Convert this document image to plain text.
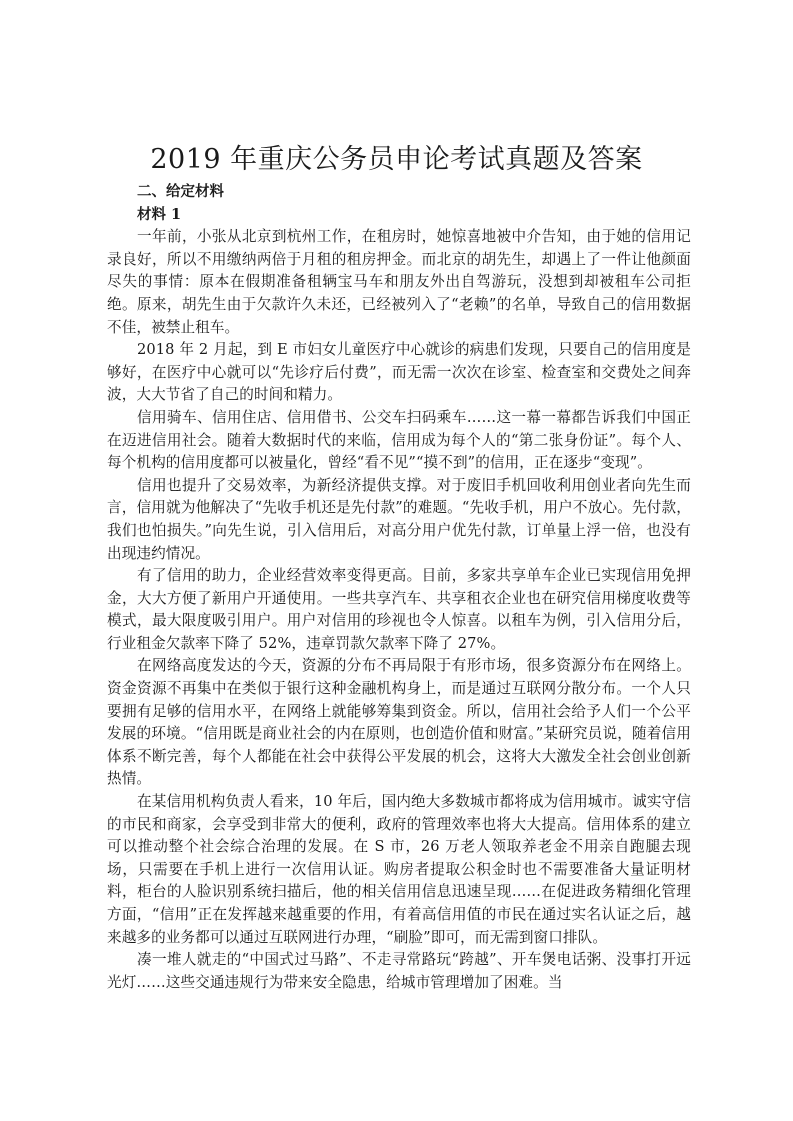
2019 年重庆公务员申论考试真题及答案

二、给定材料

材料 1

一年前，小张从北京到杭州工作，在租房时，她惊喜地被中介告知，由于她的信用记录良好，所以不用缴纳两倍于月租的租房押金。而北京的胡先生，却遇上了一件让他颜面尽失的事情：原本在假期准备租辆宝马车和朋友外出自驾游玩，没想到却被租车公司拒绝。原来，胡先生由于欠款许久未还，已经被列入了“老赖”的名单，导致自己的信用数据不佳，被禁止租车。

2018 年 2 月起，到 E 市妇女儿童医疗中心就诊的病患们发现，只要自己的信用度是够好，在医疗中心就可以“先诊疗后付费”，而无需一次次在诊室、检查室和交费处之间奔波，大大节省了自己的时间和精力。

信用骑车、信用住店、信用借书、公交车扫码乘车……这一幕一幕都告诉我们中国正在迈进信用社会。随着大数据时代的来临，信用成为每个人的“第二张身份证”。每个人、每个机构的信用度都可以被量化，曾经“看不见”“摸不到”的信用，正在逐步“变现”。

信用也提升了交易效率，为新经济提供支撑。对于废旧手机回收利用创业者向先生而言，信用就为他解决了“先收手机还是先付款”的难题。“先收手机，用户不放心。先付款，我们也怕损失。”向先生说，引入信用后，对高分用户优先付款，订单量上浮一倍，也没有出现违约情况。

有了信用的助力，企业经营效率变得更高。目前，多家共享单车企业已实现信用免押金，大大方便了新用户开通使用。一些共享汽车、共享租衣企业也在研究信用梯度收费等模式，最大限度吸引用户。用户对信用的珍视也令人惊喜。以租车为例，引入信用分后，行业租金欠款率下降了 52%，违章罚款欠款率下降了 27%。

在网络高度发达的今天，资源的分布不再局限于有形市场，很多资源分布在网络上。资金资源不再集中在类似于银行这种金融机构身上，而是通过互联网分散分布。一个人只要拥有足够的信用水平，在网络上就能够筹集到资金。所以，信用社会给予人们一个公平发展的环境。“信用既是商业社会的内在原则，也创造价值和财富。”某研究员说，随着信用体系不断完善，每个人都能在社会中获得公平发展的机会，这将大大激发全社会创业创新热情。

在某信用机构负责人看来，10 年后，国内绝大多数城市都将成为信用城市。诚实守信的市民和商家，会享受到非常大的便利，政府的管理效率也将大大提高。信用体系的建立可以推动整个社会综合治理的发展。在 S 市，26 万老人领取养老金不用亲自跑腿去现场，只需要在手机上进行一次信用认证。购房者提取公积金时也不需要准备大量证明材料，柜台的人脸识别系统扫描后，他的相关信用信息迅速呈现……在促进政务精细化管理方面，“信用”正在发挥越来越重要的作用，有着高信用值的市民在通过实名认证之后，越来越多的业务都可以通过互联网进行办理，“刷脸”即可，而无需到窗口排队。

凑一堆人就走的“中国式过马路”、不走寻常路玩“跨越”、开车煲电话粥、没事打开远光灯……这些交通违规行为带来安全隐患，给城市管理增加了困难。当
